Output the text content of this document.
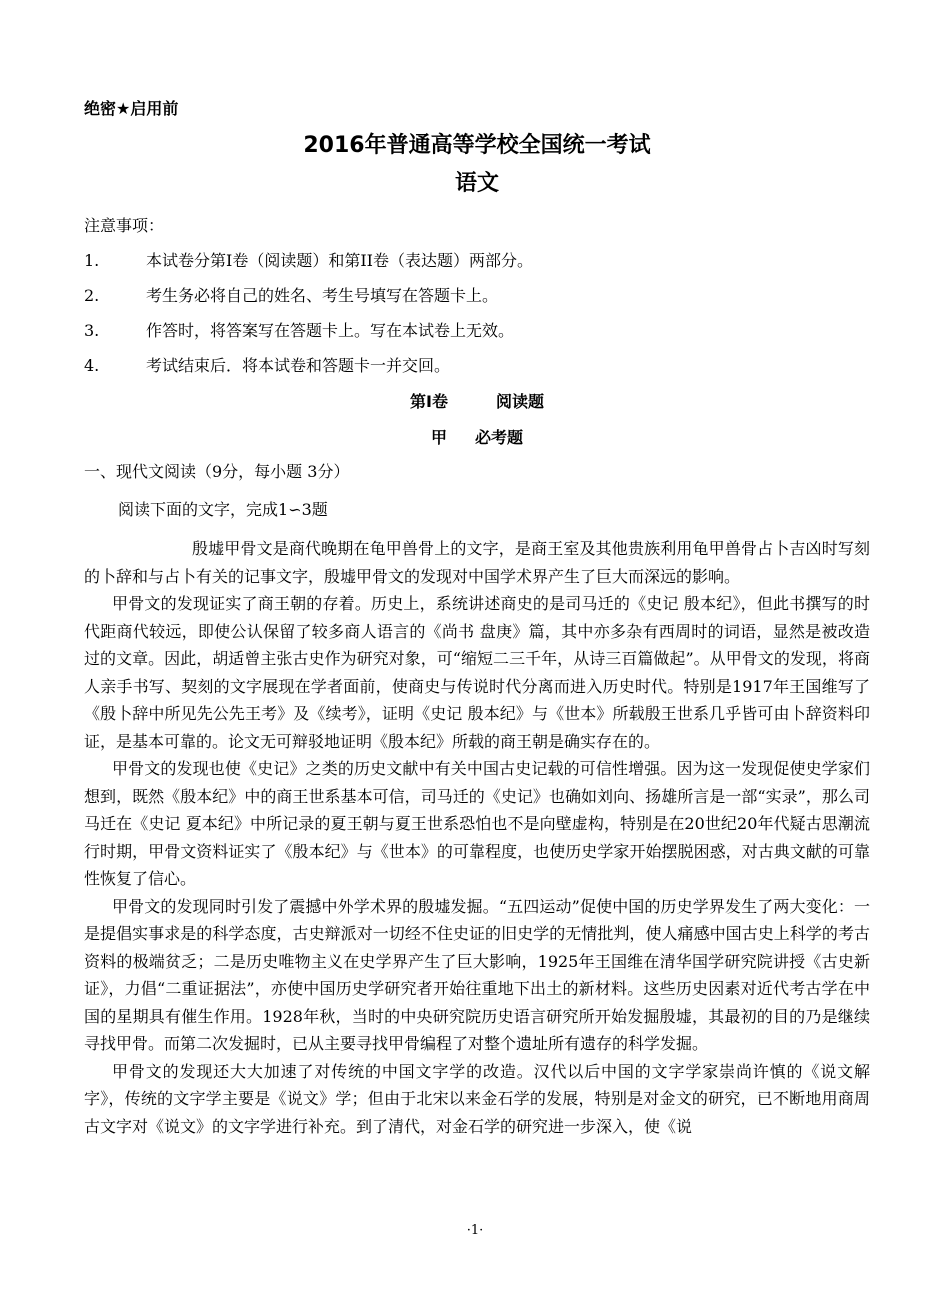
绝密★启用前
2016年普通高等学校全国统一考试
语文
注意事项：
1.	本试卷分第I卷（阅读题）和第II卷（表达题）两部分。
2.	考生务必将自己的姓名、考生号填写在答题卡上。
3.	作答时，将答案写在答题卡上。写在本试卷上无效。
4.	考试结束后．将本试卷和答题卡一并交回。
第I卷	阅读题
甲 必考题
一、现代文阅读（9分，每小题 3分）
阅读下面的文字，完成1∽3题

殷墟甲骨文是商代晚期在龟甲兽骨上的文字，是商王室及其他贵族利用龟甲兽骨占卜吉凶时写刻的卜辞和与占卜有关的记事文字，殷墟甲骨文的发现对中国学术界产生了巨大而深远的影响。

甲骨文的发现证实了商王朝的存着。历史上，系统讲述商史的是司马迁的《史记 殷本纪》，但此书撰写的时代距商代较远，即使公认保留了较多商人语言的《尚书 盘庚》篇，其中亦多杂有西周时的词语，显然是被改造过的文章。因此，胡适曾主张古史作为研究对象，可“缩短二三千年，从诗三百篇做起”。从甲骨文的发现，将商人亲手书写、契刻的文字展现在学者面前，使商史与传说时代分离而进入历史时代。特别是1917年王国维写了《殷卜辞中所见先公先王考》及《续考》，证明《史记 殷本纪》与《世本》所载殷王世系几乎皆可由卜辞资料印证，是基本可靠的。论文无可辩驳地证明《殷本纪》所载的商王朝是确实存在的。

甲骨文的发现也使《史记》之类的历史文献中有关中国古史记载的可信性增强。因为这一发现促使史学家们想到，既然《殷本纪》中的商王世系基本可信，司马迁的《史记》也确如刘向、扬雄所言是一部“实录”，那么司马迁在《史记 夏本纪》中所记录的夏王朝与夏王世系恐怕也不是向壁虚构，特别是在20世纪20年代疑古思潮流行时期，甲骨文资料证实了《殷本纪》与《世本》的可靠程度，也使历史学家开始摆脱困惑，对古典文献的可靠性恢复了信心。

甲骨文的发现同时引发了震撼中外学术界的殷墟发掘。“五四运动”促使中国的历史学界发生了两大变化：一是提倡实事求是的科学态度，古史辩派对一切经不住史证的旧史学的无情批判，使人痛感中国古史上科学的考古资料的极端贫乏；二是历史唯物主义在史学界产生了巨大影响，1925年王国维在清华国学研究院讲授《古史新证》，力倡“二重证据法”，亦使中国历史学研究者开始往重地下出土的新材料。这些历史因素对近代考古学在中国的星期具有催生作用。1928年秋，当时的中央研究院历史语言研究所开始发掘殷墟，其最初的目的乃是继续寻找甲骨。而第二次发掘时，已从主要寻找甲骨编程了对整个遗址所有遗存的科学发掘。

甲骨文的发现还大大加速了对传统的中国文字学的改造。汉代以后中国的文字学家崇尚许慎的《说文解字》，传统的文字学主要是《说文》学；但由于北宋以来金石学的发展，特别是对金文的研究，已不断地用商周古文字对《说文》的文字学进行补充。到了清代，对金石学的研究进一步深入，使《说

·1·
